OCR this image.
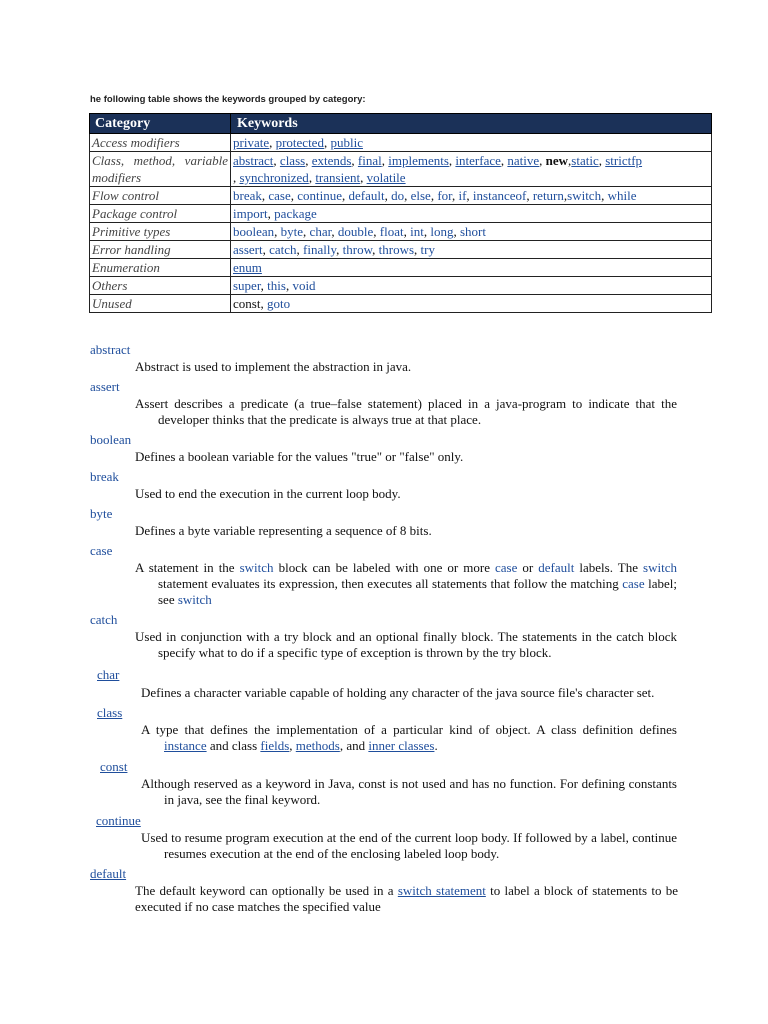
he following table shows the keywords grouped by category:
Category	Keywords
Access modifiers	private, protected, public
Class, method, variable modifiers	abstract, class, extends, final, implements, interface, native, new,static, strictfp
, synchronized, transient, volatile
Flow control	break, case, continue, default, do, else, for, if, instanceof, return,switch, while
Package control	import, package
Primitive types	boolean, byte, char, double, float, int, long, short
Error handling	assert, catch, finally, throw, throws, try
Enumeration	enum
Others	super, this, void
Unused	const, goto
abstract
Abstract is used to implement the abstraction in java.
assert
Assert describes a predicate (a true–false statement) placed in a java-program to indicate that the developer thinks that the predicate is always true at that place.
boolean
Defines a boolean variable for the values "true" or "false" only.
break
Used to end the execution in the current loop body.
byte
Defines a byte variable representing a sequence of 8 bits.
case
A statement in the switch block can be labeled with one or more case or default labels. The switch statement evaluates its expression, then executes all statements that follow the matching case label; see switch
catch
Used in conjunction with a try block and an optional finally block. The statements in the catch block specify what to do if a specific type of exception is thrown by the try block.
char
Defines a character variable capable of holding any character of the java source file's character set.
class
A type that defines the implementation of a particular kind of object. A class definition defines instance and class fields, methods, and inner classes.
const
Although reserved as a keyword in Java, const is not used and has no function. For defining constants in java, see the final keyword.
continue
Used to resume program execution at the end of the current loop body. If followed by a label, continue resumes execution at the end of the enclosing labeled loop body.
default
The default keyword can optionally be used in a switch statement to label a block of statements to be executed if no case matches the specified value
